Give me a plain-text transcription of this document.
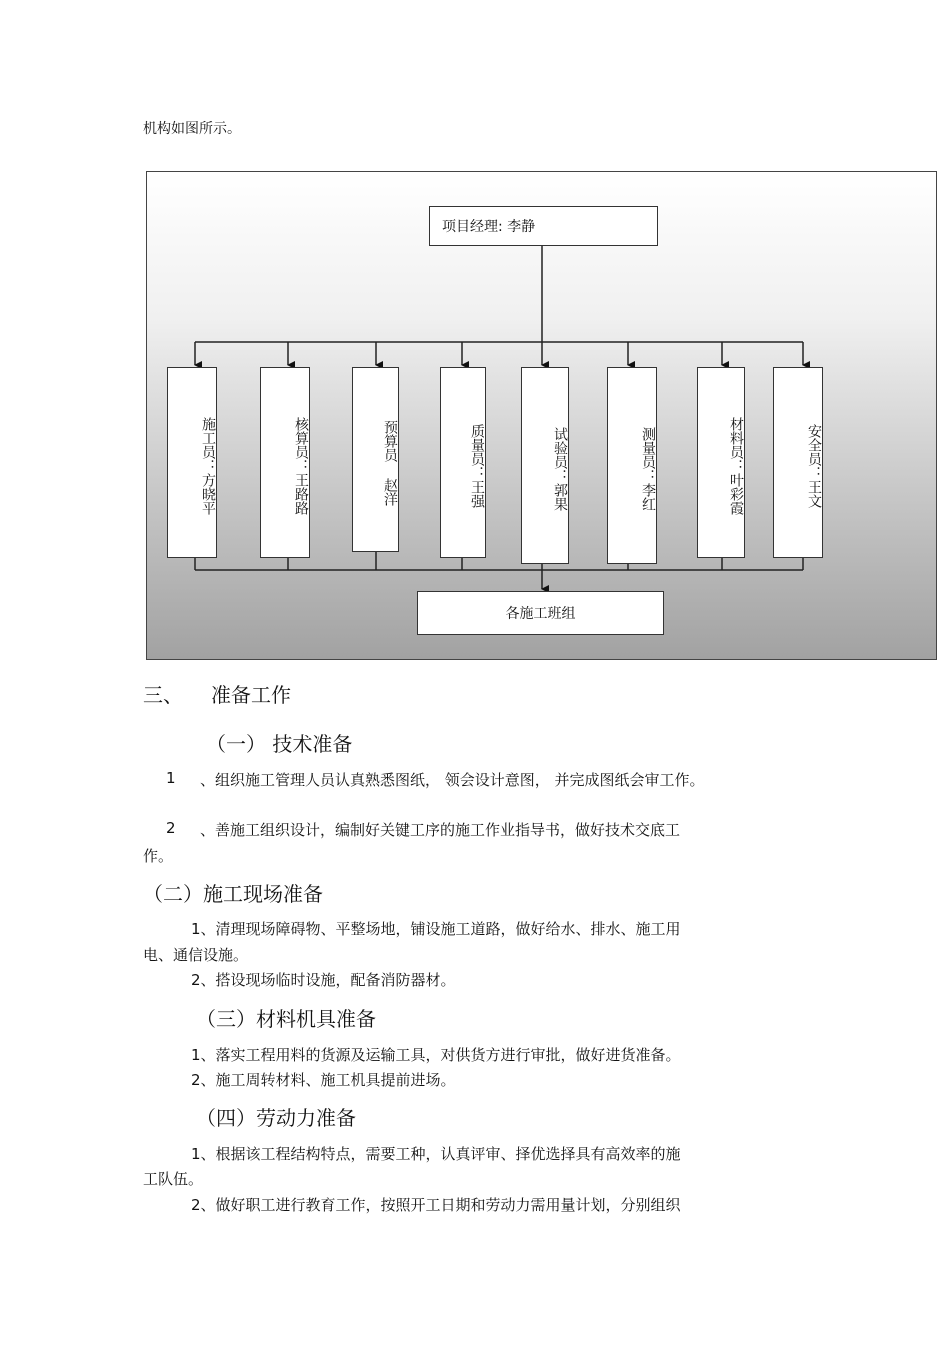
机构如图所示。
项目经理: 李静
施工员：方晓平	核算员：王路路	预算员 赵洋	质量员：王强	试验员：郭果	测量员：李红	材料员：叶彩霞	安全员：王文
各施工班组
三、 准备工作
（一） 技术准备
1 、组织施工管理人员认真熟悉图纸， 领会设计意图， 并完成图纸会审工作。
2 、善施工组织设计，编制好关键工序的施工作业指导书，做好技术交底工
作。
（二）施工现场准备
1、清理现场障碍物、平整场地，铺设施工道路，做好给水、排水、施工用
电、通信设施。
2、搭设现场临时设施，配备消防器材。
（三）材料机具准备
1、落实工程用料的货源及运输工具，对供货方进行审批，做好进货准备。
2、施工周转材料、施工机具提前进场。
（四）劳动力准备
1、根据该工程结构特点，需要工种，认真评审、择优选择具有高效率的施
工队伍。
2、做好职工进行教育工作，按照开工日期和劳动力需用量计划，分别组织
